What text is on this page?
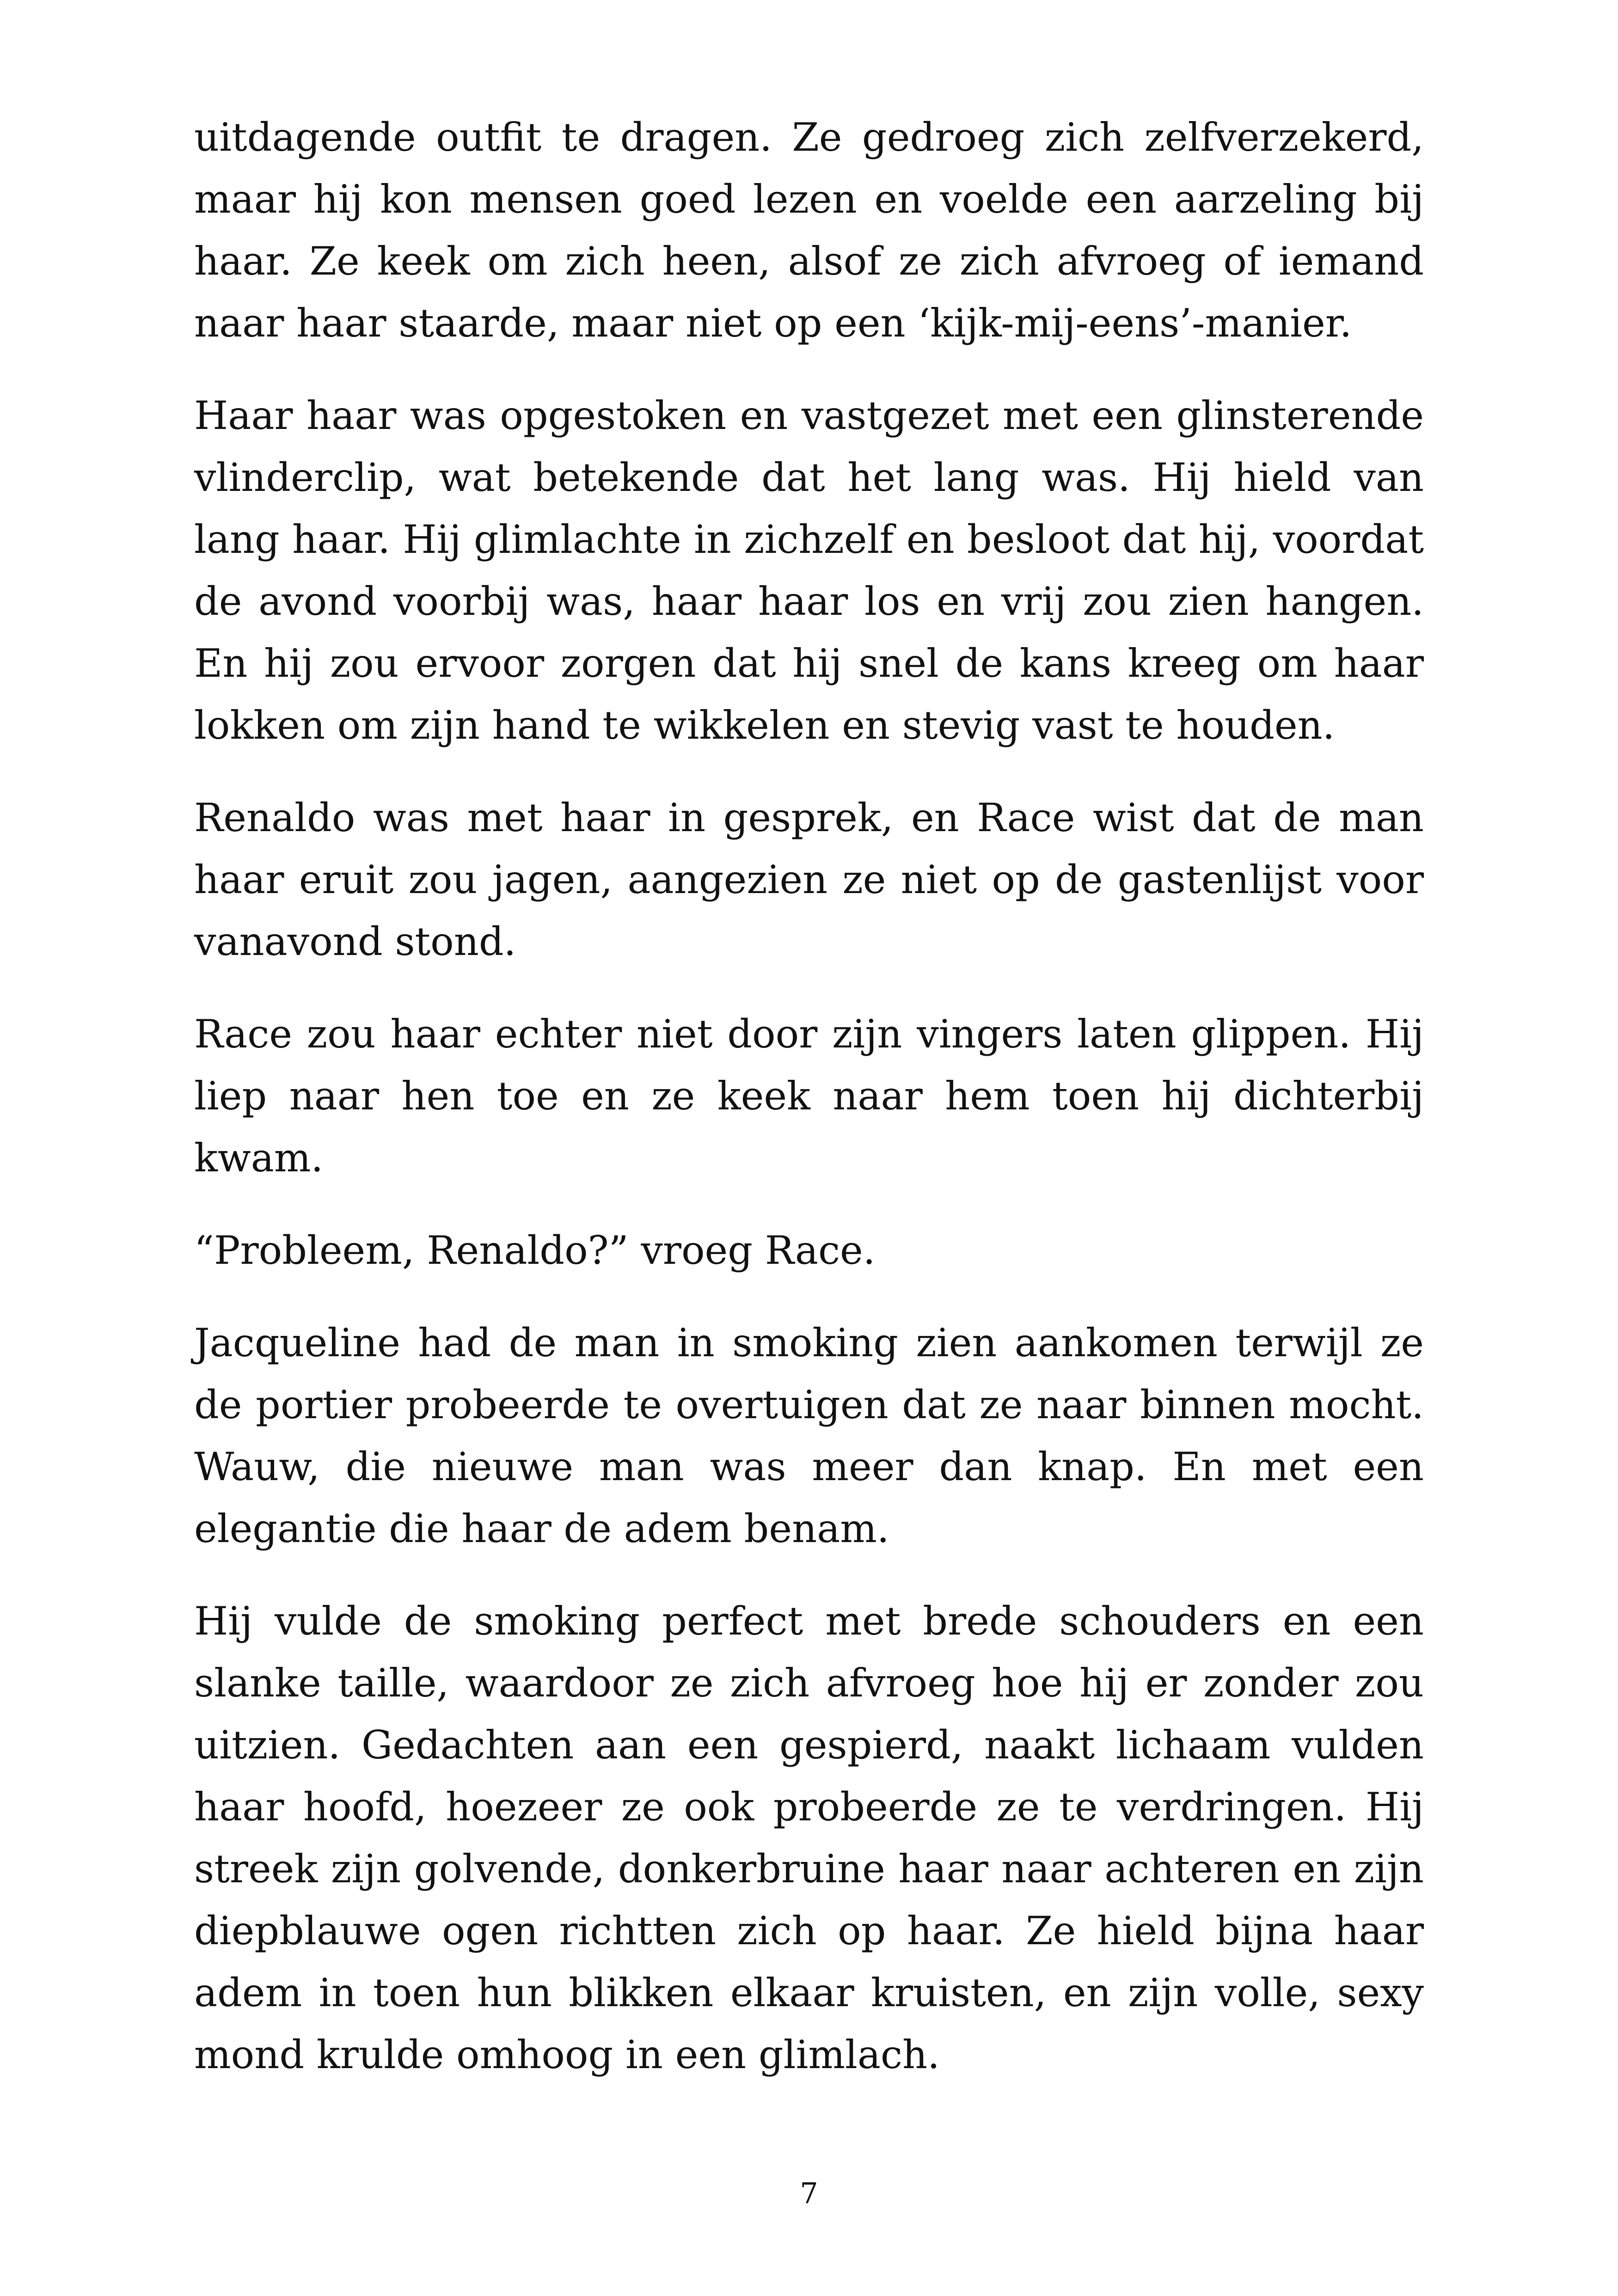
uitdagende outfit te dragen. Ze gedroeg zich zelfverzekerd, maar hij kon mensen goed lezen en voelde een aarzeling bij haar. Ze keek om zich heen, alsof ze zich afvroeg of iemand naar haar staarde, maar niet op een ‘kijk-mij-eens’-manier.

Haar haar was opgestoken en vastgezet met een glinsterende vlinderclip, wat betekende dat het lang was. Hij hield van lang haar. Hij glimlachte in zichzelf en besloot dat hij, voordat de avond voorbij was, haar haar los en vrij zou zien hangen. En hij zou ervoor zorgen dat hij snel de kans kreeg om haar lokken om zijn hand te wikkelen en stevig vast te houden.

Renaldo was met haar in gesprek, en Race wist dat de man haar eruit zou jagen, aangezien ze niet op de gastenlijst voor vanavond stond.

Race zou haar echter niet door zijn vingers laten glippen. Hij liep naar hen toe en ze keek naar hem toen hij dichterbij kwam.

“Probleem, Renaldo?” vroeg Race.

Jacqueline had de man in smoking zien aankomen terwijl ze de portier probeerde te overtuigen dat ze naar binnen mocht. Wauw, die nieuwe man was meer dan knap. En met een elegantie die haar de adem benam.

Hij vulde de smoking perfect met brede schouders en een slanke taille, waardoor ze zich afvroeg hoe hij er zonder zou uitzien. Gedachten aan een gespierd, naakt lichaam vulden haar hoofd, hoezeer ze ook probeerde ze te verdringen. Hij streek zijn golvende, donkerbruine haar naar achteren en zijn diepblauwe ogen richtten zich op haar. Ze hield bijna haar adem in toen hun blikken elkaar kruisten, en zijn volle, sexy mond krulde omhoog in een glimlach.

7
